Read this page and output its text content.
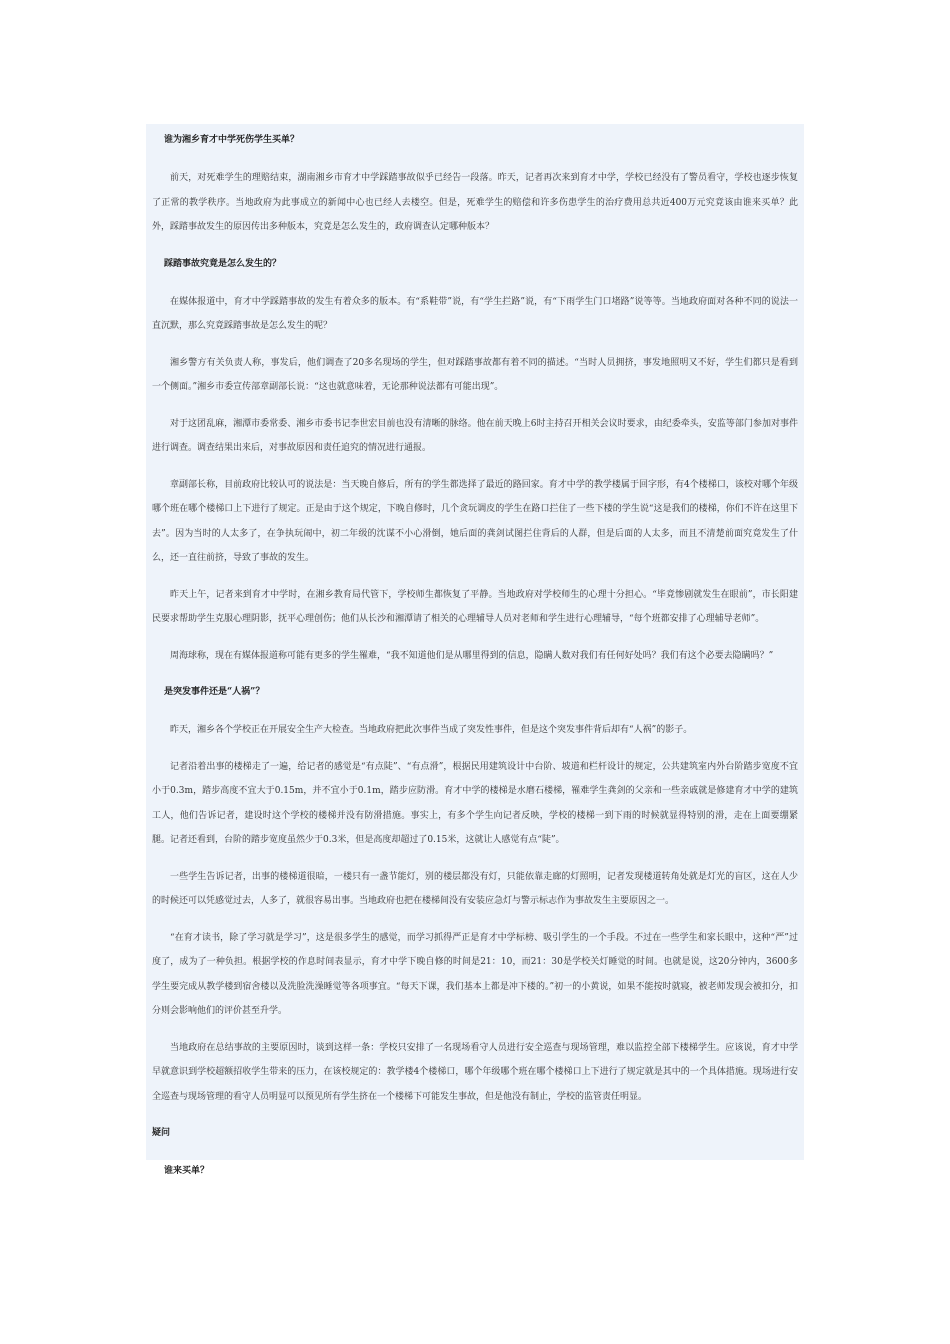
谁为湘乡育才中学死伤学生买单？

前天，对死难学生的理赔结束，湖南湘乡市育才中学踩踏事故似乎已经告一段落。昨天，记者再次来到育才中学，学校已经没有了警员看守，学校也逐步恢复了正常的教学秩序。当地政府为此事成立的新闻中心也已经人去楼空。但是，死难学生的赔偿和许多伤患学生的治疗费用总共近400万元究竟该由谁来买单？此外，踩踏事故发生的原因传出多种版本，究竟是怎么发生的，政府调查认定哪种版本？

踩踏事故究竟是怎么发生的？

在媒体报道中，育才中学踩踏事故的发生有着众多的版本。有“系鞋带”说，有“学生拦路”说，有“下雨学生门口堵路”说等等。当地政府面对各种不同的说法一直沉默，那么究竟踩踏事故是怎么发生的呢？

湘乡警方有关负责人称，事发后，他们调查了20多名现场的学生，但对踩踏事故都有着不同的描述。“当时人员拥挤，事发地照明又不好，学生们都只是看到一个侧面。”湘乡市委宣传部章副部长说：“这也就意味着，无论那种说法都有可能出现”。

对于这团乱麻，湘潭市委常委、湘乡市委书记李世宏目前也没有清晰的脉络。他在前天晚上6时主持召开相关会议时要求，由纪委牵头，安监等部门参加对事件进行调查。调查结果出来后，对事故原因和责任追究的情况进行通报。

章副部长称，目前政府比较认可的说法是：当天晚自修后，所有的学生都选择了最近的路回家。育才中学的教学楼属于回字形，有4个楼梯口，该校对哪个年级哪个班在哪个楼梯口上下进行了规定。正是由于这个规定，下晚自修时，几个贪玩调皮的学生在路口拦住了一些下楼的学生说“这是我们的楼梯，你们不许在这里下去”。因为当时的人太多了，在争执玩闹中，初二年级的沈谋不小心滑倒，她后面的龚剑试图拦住背后的人群，但是后面的人太多，而且不清楚前面究竟发生了什么，还一直往前挤，导致了事故的发生。

昨天上午，记者来到育才中学时，在湘乡教育局代管下，学校师生都恢复了平静。当地政府对学校师生的心理十分担心。“毕竟惨剧就发生在眼前”，市长阳建民要求帮助学生克服心理阴影，抚平心理创伤；他们从长沙和湘潭请了相关的心理辅导人员对老师和学生进行心理辅导，“每个班都安排了心理辅导老师”。

周海球称，现在有媒体报道称可能有更多的学生罹难，“我不知道他们是从哪里得到的信息，隐瞒人数对我们有任何好处吗？我们有这个必要去隐瞒吗？”

是突发事件还是“人祸”？

昨天，湘乡各个学校正在开展安全生产大检查。当地政府把此次事件当成了突发性事件，但是这个突发事件背后却有“人祸”的影子。

记者沿着出事的楼梯走了一遍，给记者的感觉是“有点陡”、“有点滑”，根据民用建筑设计中台阶、坡道和栏杆设计的规定，公共建筑室内外台阶踏步宽度不宜小于0.3m，踏步高度不宜大于0.15m，并不宜小于0.1m，踏步应防滑。育才中学的楼梯是水磨石楼梯，罹难学生龚剑的父亲和一些亲戚就是修建育才中学的建筑工人，他们告诉记者，建设时这个学校的楼梯并没有防滑措施。事实上，有多个学生向记者反映，学校的楼梯一到下雨的时候就显得特别的滑，走在上面要绷紧腿。记者还看到，台阶的踏步宽度虽然少于0.3米，但是高度却超过了0.15米，这就让人感觉有点“陡”。

一些学生告诉记者，出事的楼梯道很暗，一楼只有一盏节能灯，别的楼层都没有灯，只能依靠走廊的灯照明，记者发现楼道转角处就是灯光的盲区，这在人少的时候还可以凭感觉过去，人多了，就很容易出事。当地政府也把在楼梯间没有安装应急灯与警示标志作为事故发生主要原因之一。

“在育才读书，除了学习就是学习”，这是很多学生的感觉，而学习抓得严正是育才中学标榜、吸引学生的一个手段。不过在一些学生和家长眼中，这种“严”过度了，成为了一种负担。根据学校的作息时间表显示，育才中学下晚自修的时间是21：10，而21：30是学校关灯睡觉的时间。也就是说，这20分钟内，3600多学生要完成从教学楼到宿舍楼以及洗脸洗澡睡觉等各项事宜。“每天下课，我们基本上都是冲下楼的。”初一的小黄说，如果不能按时就寝，被老师发现会被扣分，扣分则会影响他们的评价甚至升学。

当地政府在总结事故的主要原因时，谈到这样一条：学校只安排了一名现场看守人员进行安全巡查与现场管理，难以监控全部下楼梯学生。应该说，育才中学早就意识到学校超额招收学生带来的压力，在该校规定的：教学楼4个楼梯口，哪个年级哪个班在哪个楼梯口上下进行了规定就是其中的一个具体措施。现场进行安全巡查与现场管理的看守人员明显可以预见所有学生挤在一个楼梯下可能发生事故，但是他没有制止，学校的监管责任明显。

疑问

谁来买单？
